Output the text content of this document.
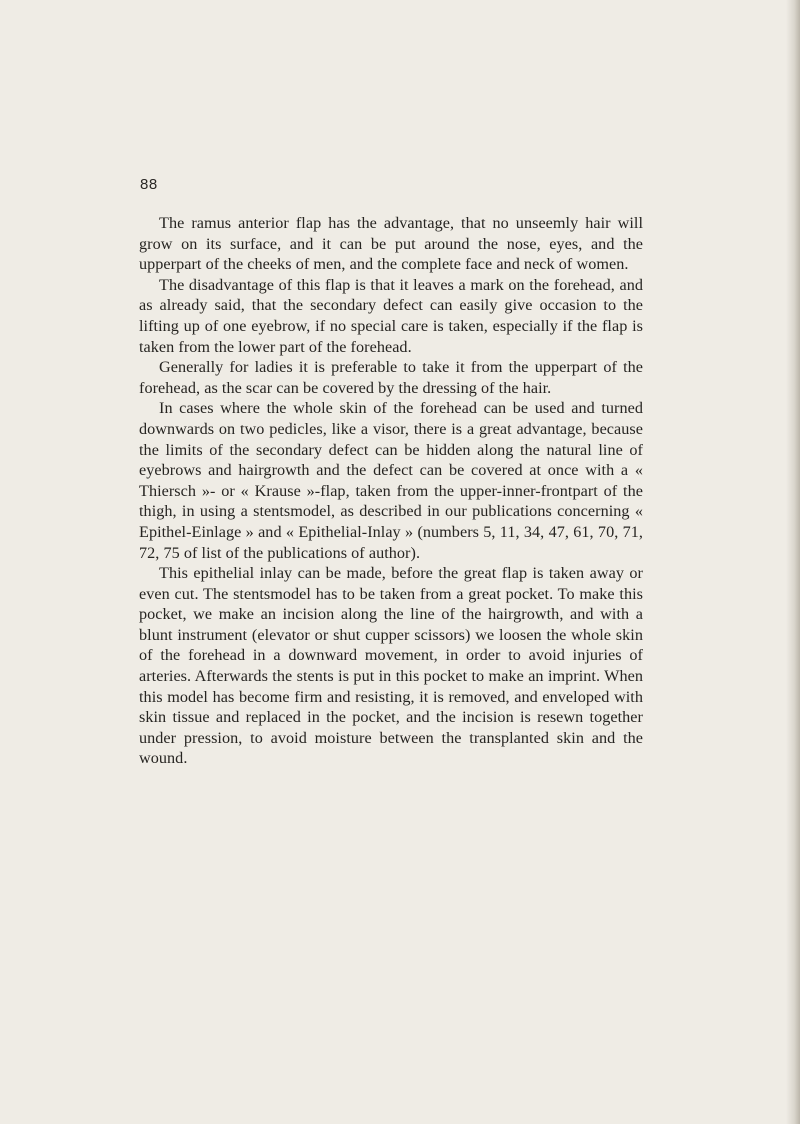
88

The ramus anterior flap has the advantage, that no unseemly hair will grow on its surface, and it can be put around the nose, eyes, and the upperpart of the cheeks of men, and the complete face and neck of women.

The disadvantage of this flap is that it leaves a mark on the forehead, and as already said, that the secondary defect can easily give occasion to the lifting up of one eyebrow, if no special care is taken, especially if the flap is taken from the lower part of the forehead.

Generally for ladies it is preferable to take it from the upperpart of the forehead, as the scar can be covered by the dressing of the hair.

In cases where the whole skin of the forehead can be used and turned downwards on two pedicles, like a visor, there is a great advantage, because the limits of the secondary defect can be hidden along the natural line of eyebrows and hairgrowth and the defect can be covered at once with a « Thiersch »- or « Krause »-flap, taken from the upper-inner-frontpart of the thigh, in using a stentsmodel, as described in our publications concerning « Epithel-Einlage » and « Epithelial-Inlay » (numbers 5, 11, 34, 47, 61, 70, 71, 72, 75 of list of the publications of author).

This epithelial inlay can be made, before the great flap is taken away or even cut. The stentsmodel has to be taken from a great pocket. To make this pocket, we make an incision along the line of the hairgrowth, and with a blunt instrument (elevator or shut cupper scissors) we loosen the whole skin of the forehead in a downward movement, in order to avoid injuries of arteries. Afterwards the stents is put in this pocket to make an imprint. When this model has become firm and resisting, it is removed, and enveloped with skin tissue and replaced in the pocket, and the incision is resewn together under pression, to avoid moisture between the transplanted skin and the wound.
